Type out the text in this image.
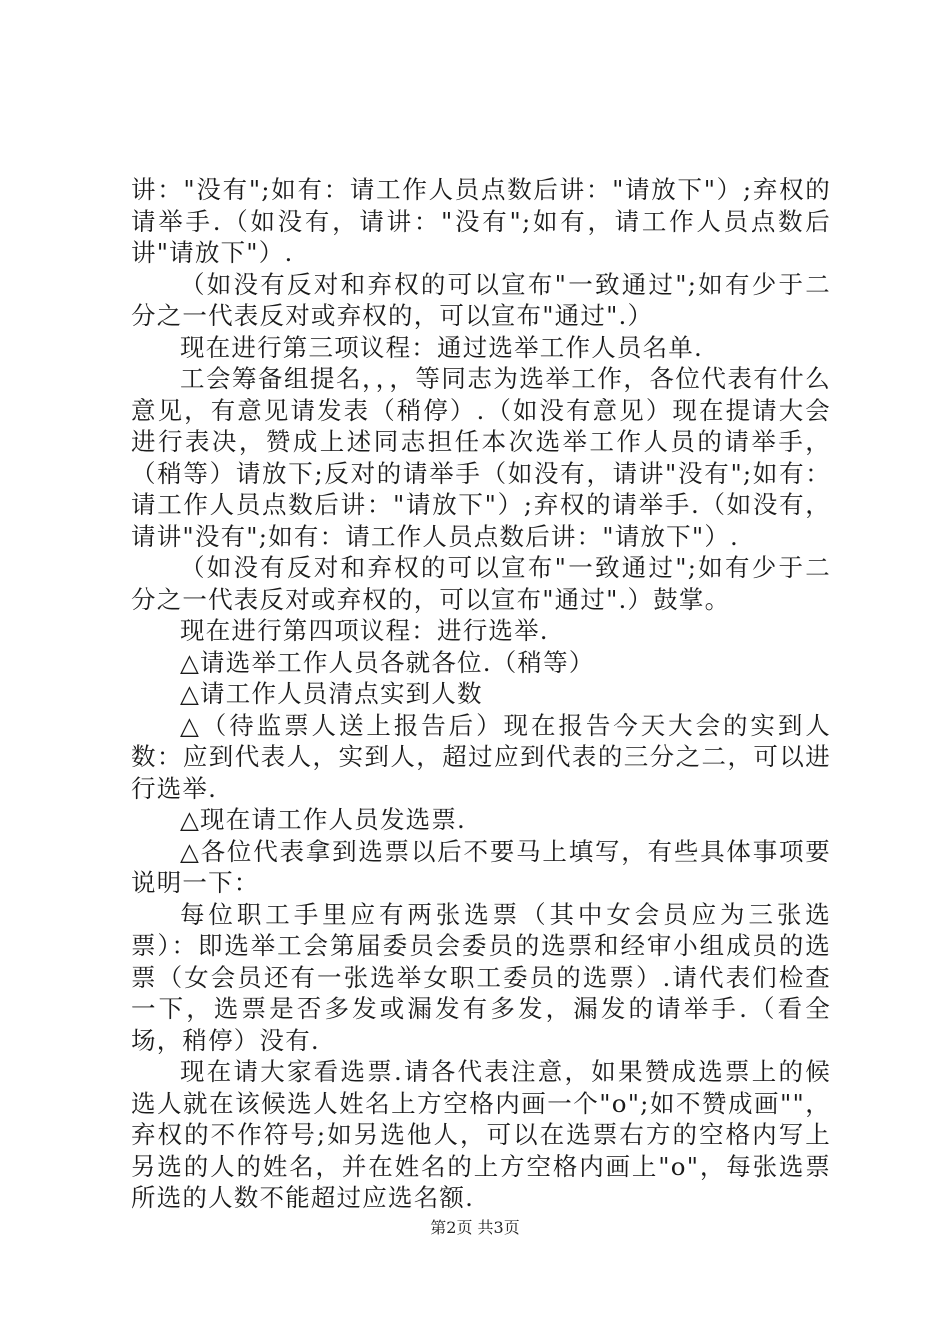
讲："没有";如有：请工作人员点数后讲："请放下"）;弃权的请举手.（如没有，请讲："没有";如有，请工作人员点数后讲"请放下"）.

（如没有反对和弃权的可以宣布"一致通过";如有少于二分之一代表反对或弃权的，可以宣布"通过".）

现在进行第三项议程：通过选举工作人员名单.

工会筹备组提名，，，等同志为选举工作，各位代表有什么意见，有意见请发表（稍停）.（如没有意见）现在提请大会进行表决，赞成上述同志担任本次选举工作人员的请举手，（稍等）请放下;反对的请举手（如没有，请讲"没有";如有：请工作人员点数后讲："请放下"）;弃权的请举手.（如没有，请讲"没有";如有：请工作人员点数后讲："请放下"）.

（如没有反对和弃权的可以宣布"一致通过";如有少于二分之一代表反对或弃权的，可以宣布"通过".）鼓掌。

现在进行第四项议程：进行选举.

△请选举工作人员各就各位.（稍等）

△请工作人员清点实到人数

△（待监票人送上报告后）现在报告今天大会的实到人数：应到代表人，实到人，超过应到代表的三分之二，可以进行选举.

△现在请工作人员发选票.

△各位代表拿到选票以后不要马上填写，有些具体事项要说明一下：

每位职工手里应有两张选票（其中女会员应为三张选票）：即选举工会第届委员会委员的选票和经审小组成员的选票（女会员还有一张选举女职工委员的选票）.请代表们检查一下，选票是否多发或漏发有多发，漏发的请举手.（看全场，稍停）没有.

现在请大家看选票.请各代表注意，如果赞成选票上的候选人就在该候选人姓名上方空格内画一个"o";如不赞成画""，弃权的不作符号;如另选他人，可以在选票右方的空格内写上另选的人的姓名，并在姓名的上方空格内画上"o"，每张选票所选的人数不能超过应选名额.

第2页 共3页
